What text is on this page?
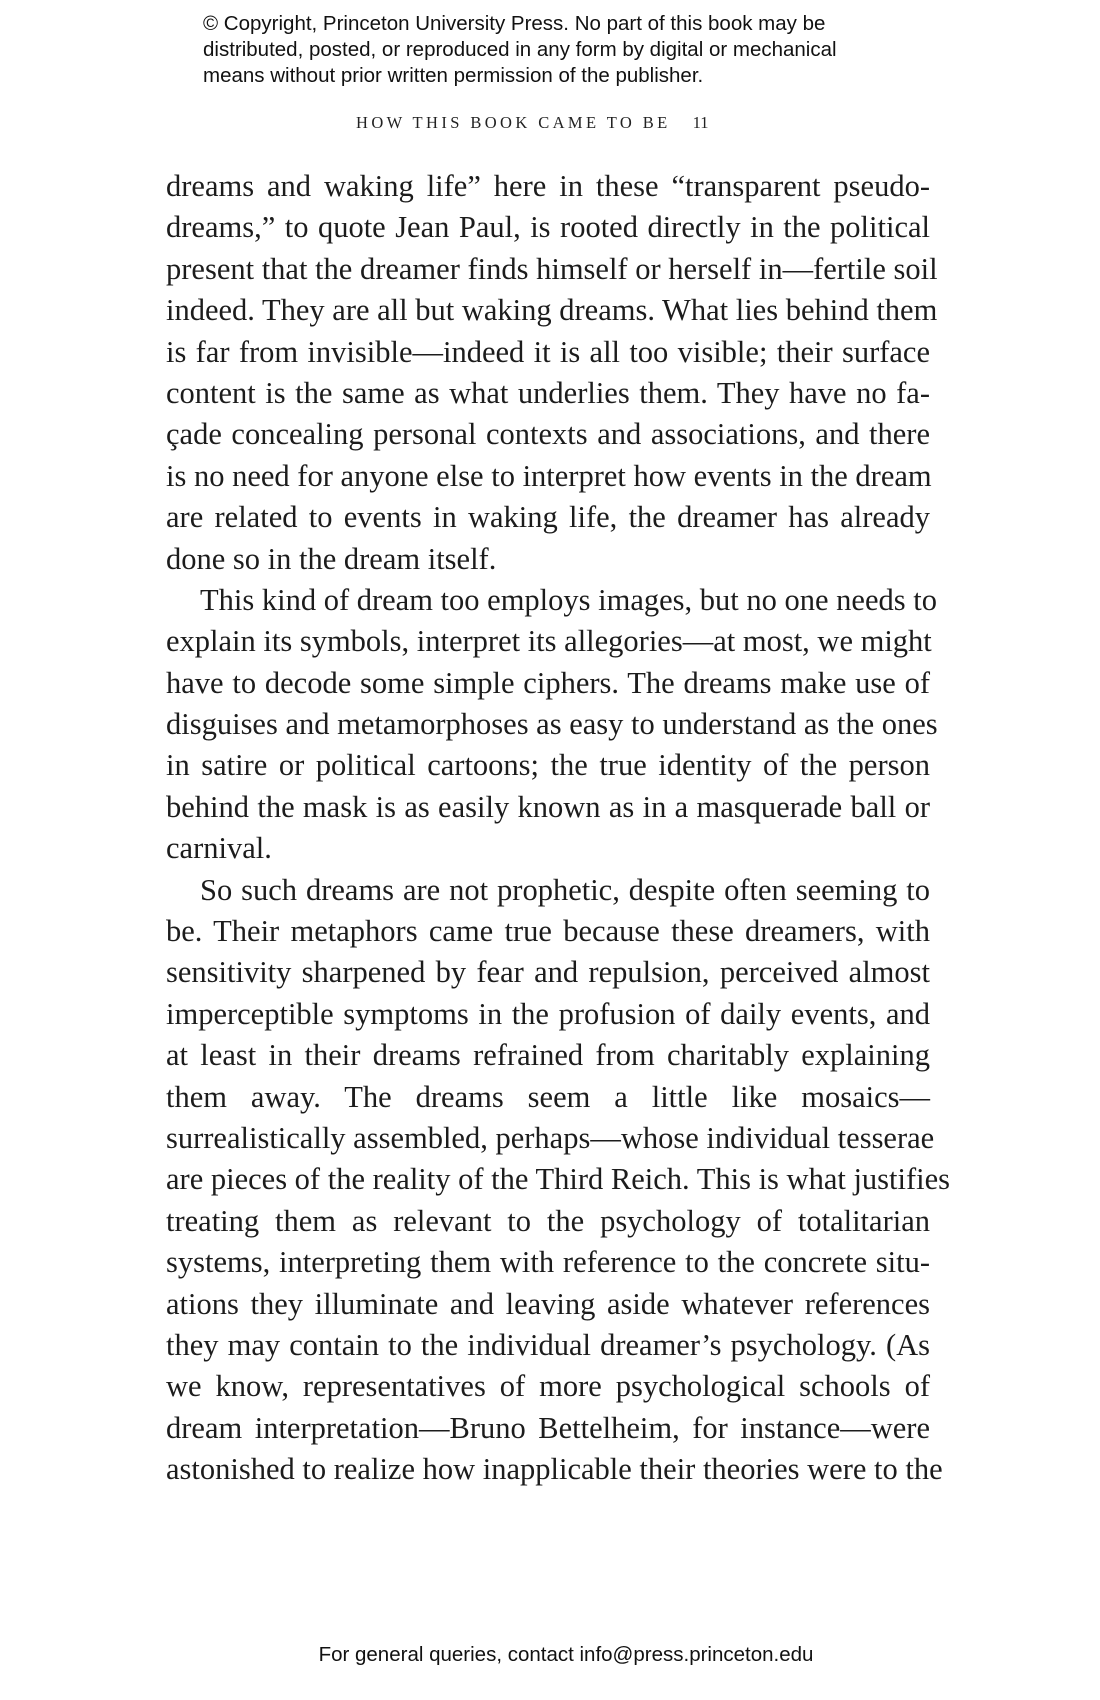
© Copyright, Princeton University Press. No part of this book may be
distributed, posted, or reproduced in any form by digital or mechanical
means without prior written permission of the publisher.
HOW THIS BOOK CAME TO BE 11
dreams and waking life” here in these “transparent pseudo-
dreams,” to quote Jean Paul, is rooted directly in the political
present that the dreamer finds himself or herself in—fertile soil
indeed. They are all but waking dreams. What lies behind them
is far from invisible—indeed it is all too visible; their surface
content is the same as what underlies them. They have no fa-
çade concealing personal contexts and associations, and there
is no need for anyone else to interpret how events in the dream
are related to events in waking life, the dreamer has already
done so in the dream itself.
This kind of dream too employs images, but no one needs to
explain its symbols, interpret its allegories—at most, we might
have to decode some simple ciphers. The dreams make use of
disguises and metamorphoses as easy to understand as the ones
in satire or political cartoons; the true identity of the person
behind the mask is as easily known as in a masquerade ball or
carnival.
So such dreams are not prophetic, despite often seeming to
be. Their metaphors came true because these dreamers, with
sensitivity sharpened by fear and repulsion, perceived almost
imperceptible symptoms in the profusion of daily events, and
at least in their dreams refrained from charitably explaining
them away. The dreams seem a little like mosaics—
surrealistically assembled, perhaps—whose individual tesserae
are pieces of the reality of the Third Reich. This is what justifies
treating them as relevant to the psychology of totalitarian
systems, interpreting them with reference to the concrete situ-
ations they illuminate and leaving aside whatever references
they may contain to the individual dreamer’s psychology. (As
we know, representatives of more psychological schools of
dream interpretation—Bruno Bettelheim, for instance—were
astonished to realize how inapplicable their theories were to the
For general queries, contact info@press.princeton.edu
